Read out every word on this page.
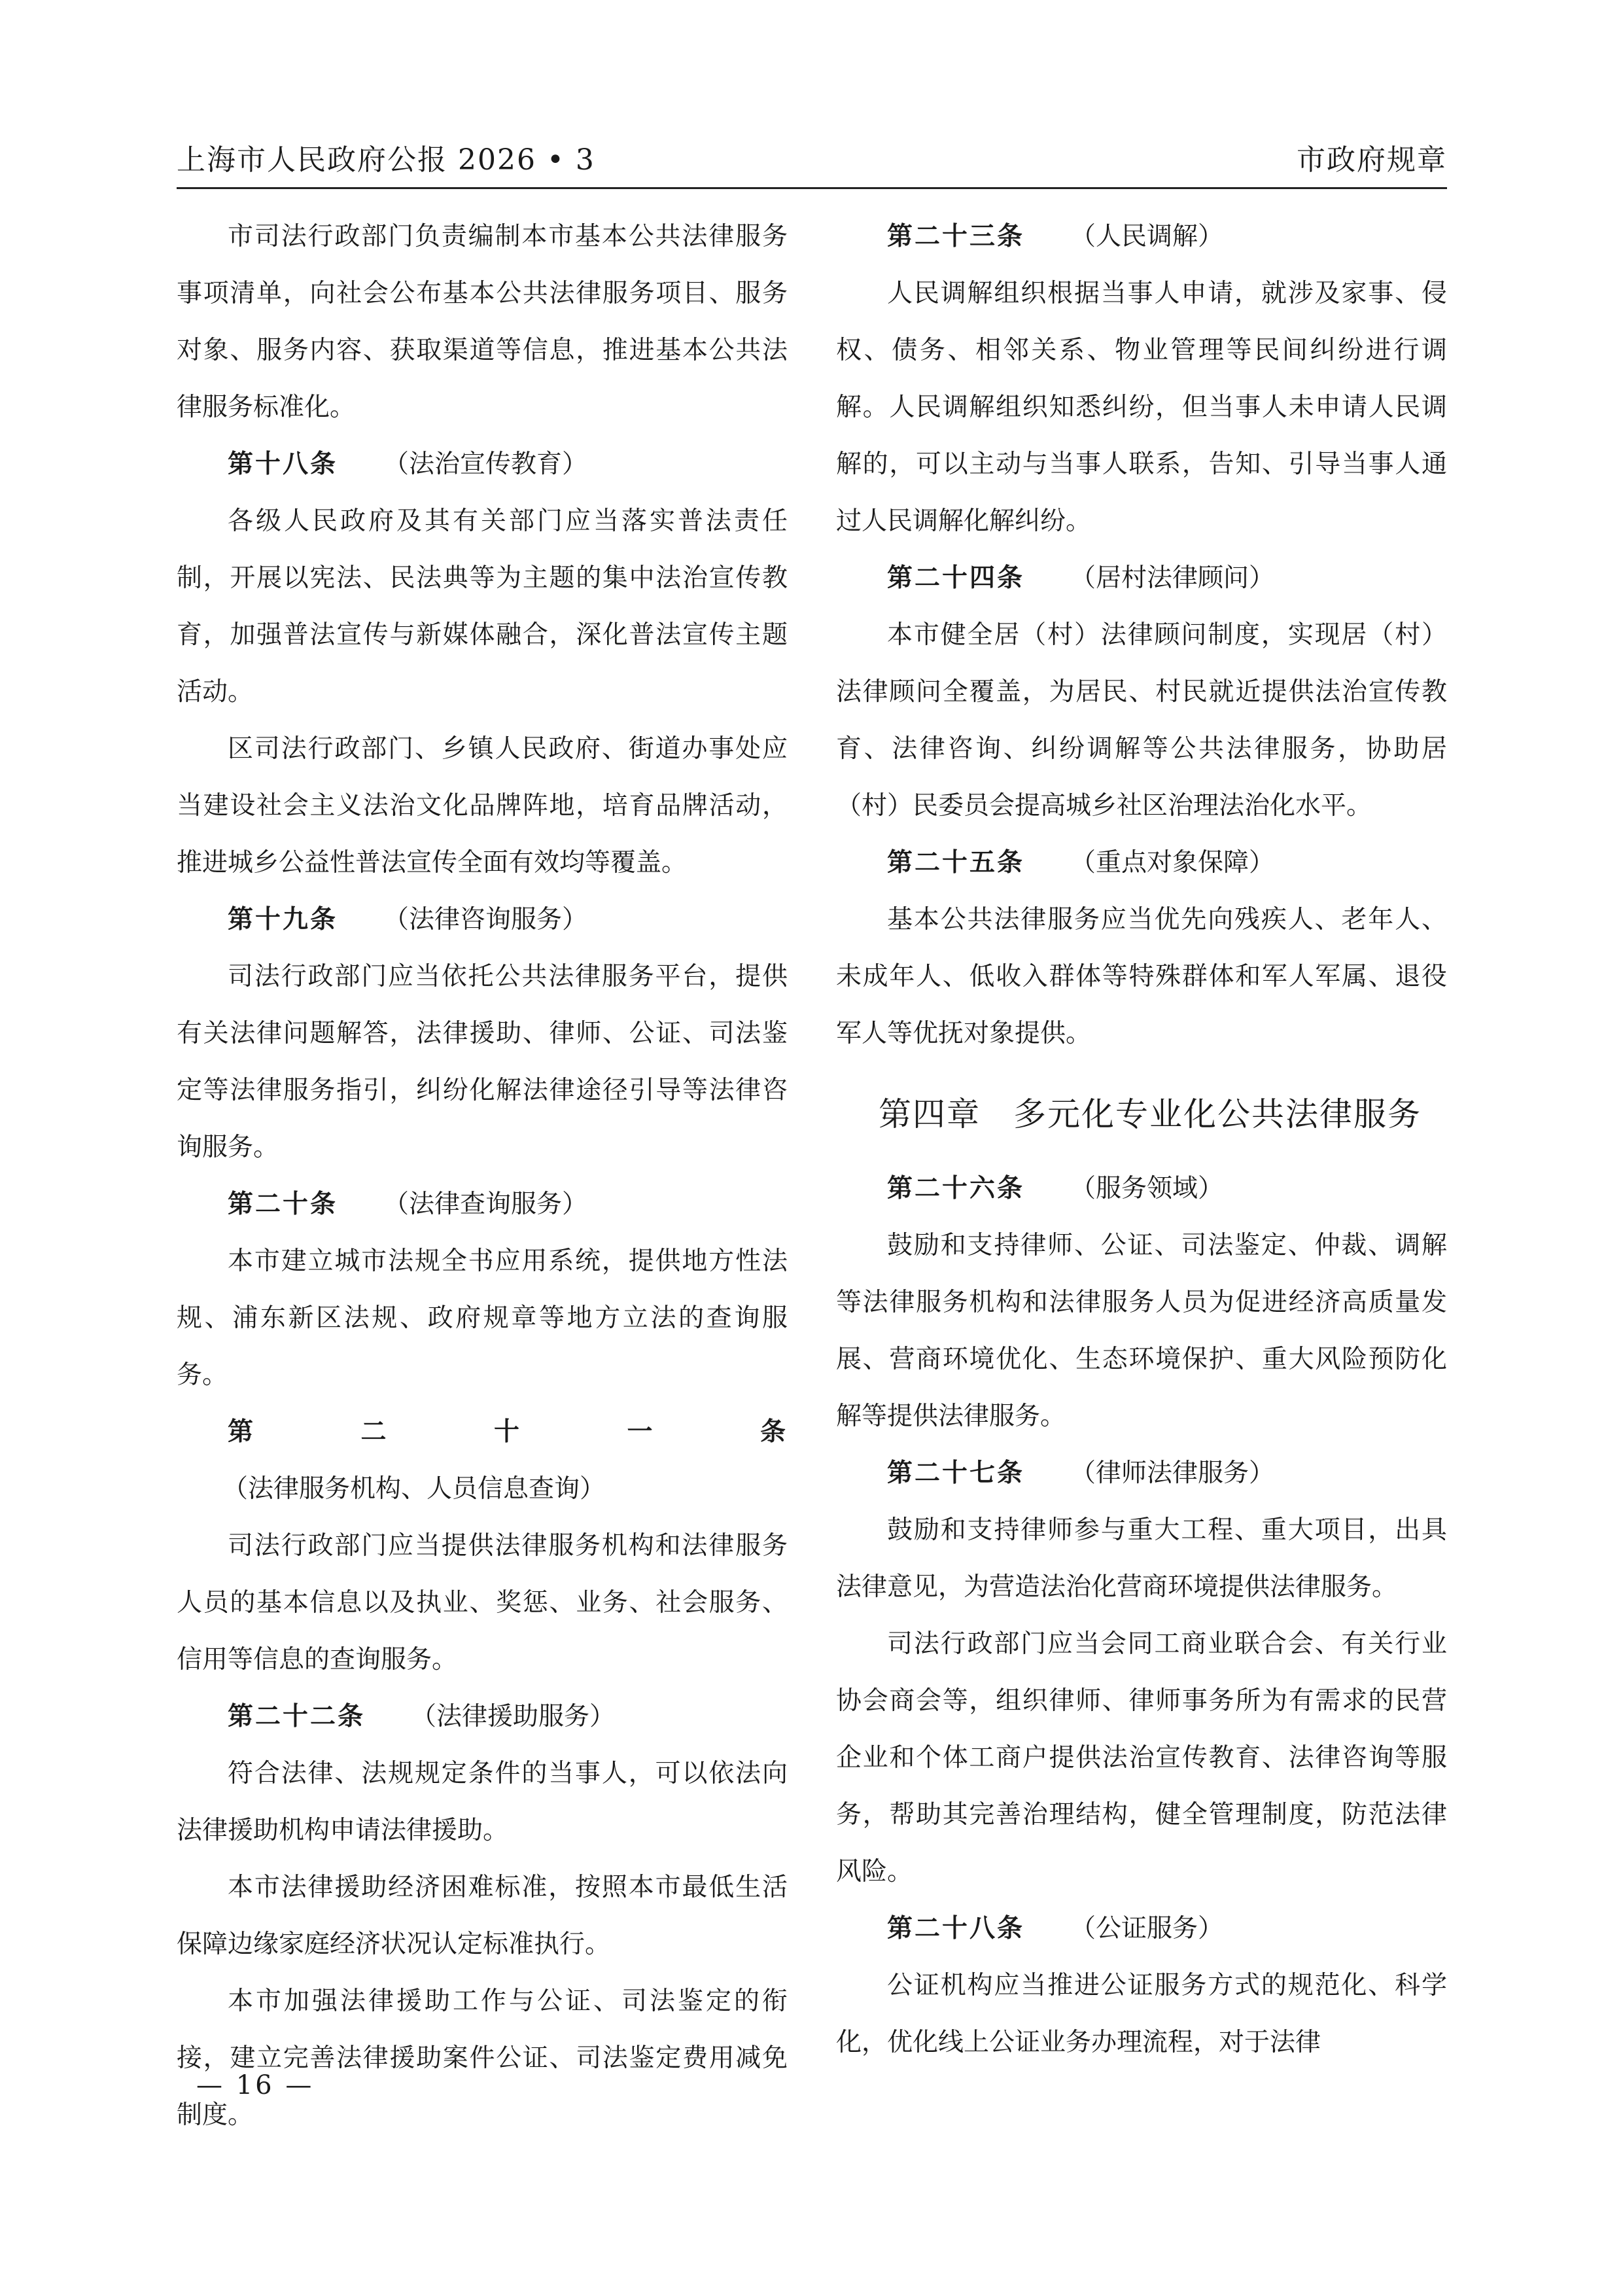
上海市人民政府公报 2026 • 3	市政府规章

市司法行政部门负责编制本市基本公共法律服务事项清单，向社会公布基本公共法律服务项目、服务对象、服务内容、获取渠道等信息，推进基本公共法律服务标准化。

第十八条 （法治宣传教育）

各级人民政府及其有关部门应当落实普法责任制，开展以宪法、民法典等为主题的集中法治宣传教育，加强普法宣传与新媒体融合，深化普法宣传主题活动。

区司法行政部门、乡镇人民政府、街道办事处应当建设社会主义法治文化品牌阵地，培育品牌活动，推进城乡公益性普法宣传全面有效均等覆盖。

第十九条 （法律咨询服务）

司法行政部门应当依托公共法律服务平台，提供有关法律问题解答，法律援助、律师、公证、司法鉴定等法律服务指引，纠纷化解法律途径引导等法律咨询服务。

第二十条 （法律查询服务）

本市建立城市法规全书应用系统，提供地方性法规、浦东新区法规、政府规章等地方立法的查询服务。

第二十一条（法律服务机构、人员信息查询）

司法行政部门应当提供法律服务机构和法律服务人员的基本信息以及执业、奖惩、业务、社会服务、信用等信息的查询服务。

第二十二条 （法律援助服务）

符合法律、法规规定条件的当事人，可以依法向法律援助机构申请法律援助。

本市法律援助经济困难标准，按照本市最低生活保障边缘家庭经济状况认定标准执行。

本市加强法律援助工作与公证、司法鉴定的衔接，建立完善法律援助案件公证、司法鉴定费用减免制度。

第二十三条 （人民调解）

人民调解组织根据当事人申请，就涉及家事、侵权、债务、相邻关系、物业管理等民间纠纷进行调解。人民调解组织知悉纠纷，但当事人未申请人民调解的，可以主动与当事人联系，告知、引导当事人通过人民调解化解纠纷。

第二十四条 （居村法律顾问）

本市健全居（村）法律顾问制度，实现居（村）法律顾问全覆盖，为居民、村民就近提供法治宣传教育、法律咨询、纠纷调解等公共法律服务，协助居（村）民委员会提高城乡社区治理法治化水平。

第二十五条 （重点对象保障）

基本公共法律服务应当优先向残疾人、老年人、未成年人、低收入群体等特殊群体和军人军属、退役军人等优抚对象提供。

第四章 多元化专业化公共法律服务
第二十六条 （服务领域）

鼓励和支持律师、公证、司法鉴定、仲裁、调解等法律服务机构和法律服务人员为促进经济高质量发展、营商环境优化、生态环境保护、重大风险预防化解等提供法律服务。

第二十七条 （律师法律服务）

鼓励和支持律师参与重大工程、重大项目，出具法律意见，为营造法治化营商环境提供法律服务。

司法行政部门应当会同工商业联合会、有关行业协会商会等，组织律师、律师事务所为有需求的民营企业和个体工商户提供法治宣传教育、法律咨询等服务，帮助其完善治理结构，健全管理制度，防范法律风险。

第二十八条 （公证服务）

公证机构应当推进公证服务方式的规范化、科学化，优化线上公证业务办理流程，对于法律

— 16 —
